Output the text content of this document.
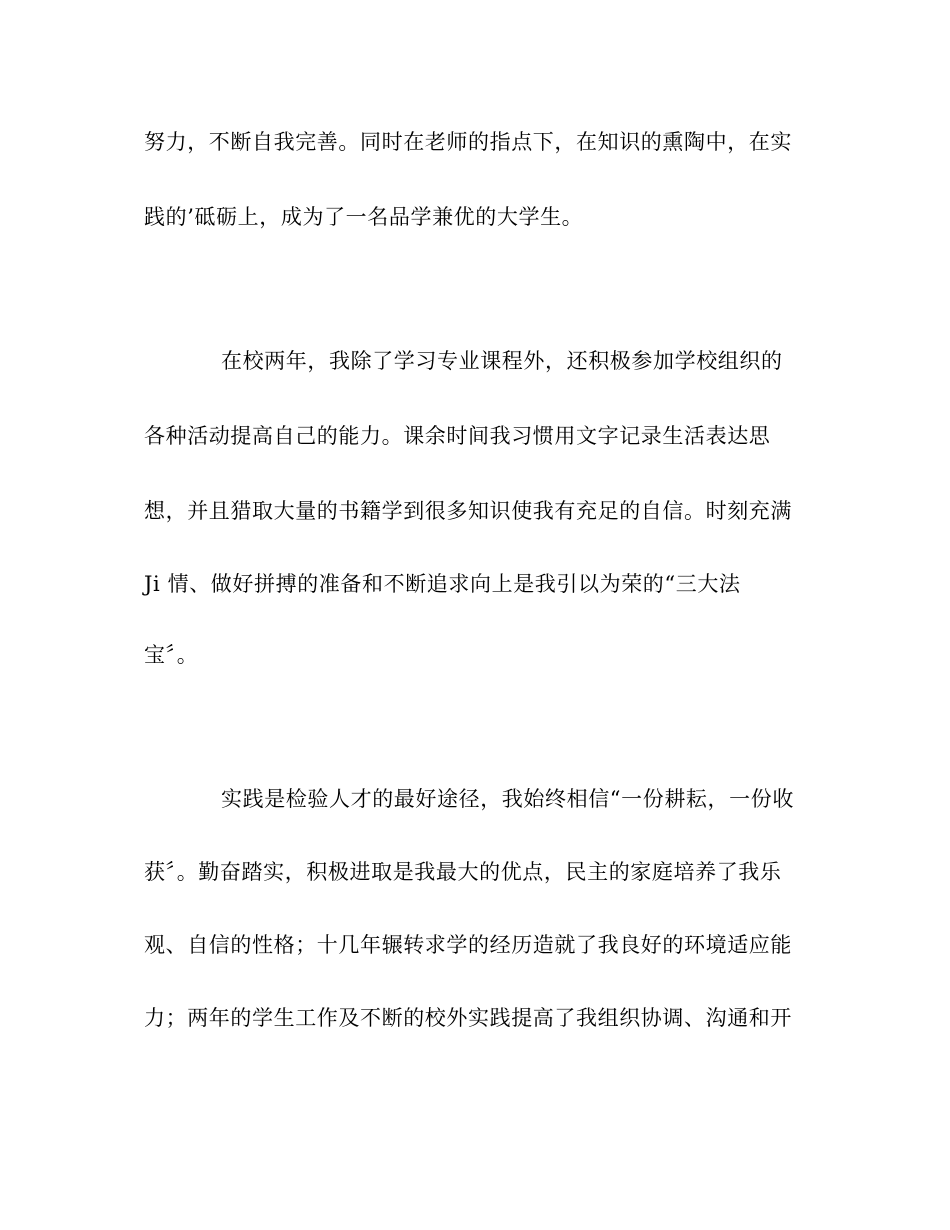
努力，不断自我完善。同时在老师的指点下，在知识的熏陶中，在实
践的’砥砺上，成为了一名品学兼优的大学生。
在校两年，我除了学习专业课程外，还积极参加学校组织的
各种活动提高自己的能力。课余时间我习惯用文字记录生活表达思
想，并且猎取大量的书籍学到很多知识使我有充足的自信。时刻充满
Ji 情、做好拼搏的准备和不断追求向上是我引以为荣的“三大法
宝〞。
实践是检验人才的最好途径，我始终相信“一份耕耘，一份收
获〞。勤奋踏实，积极进取是我最大的优点，民主的家庭培养了我乐
观、自信的性格；十几年辗转求学的经历造就了我良好的环境适应能
力；两年的学生工作及不断的校外实践提高了我组织协调、沟通和开
